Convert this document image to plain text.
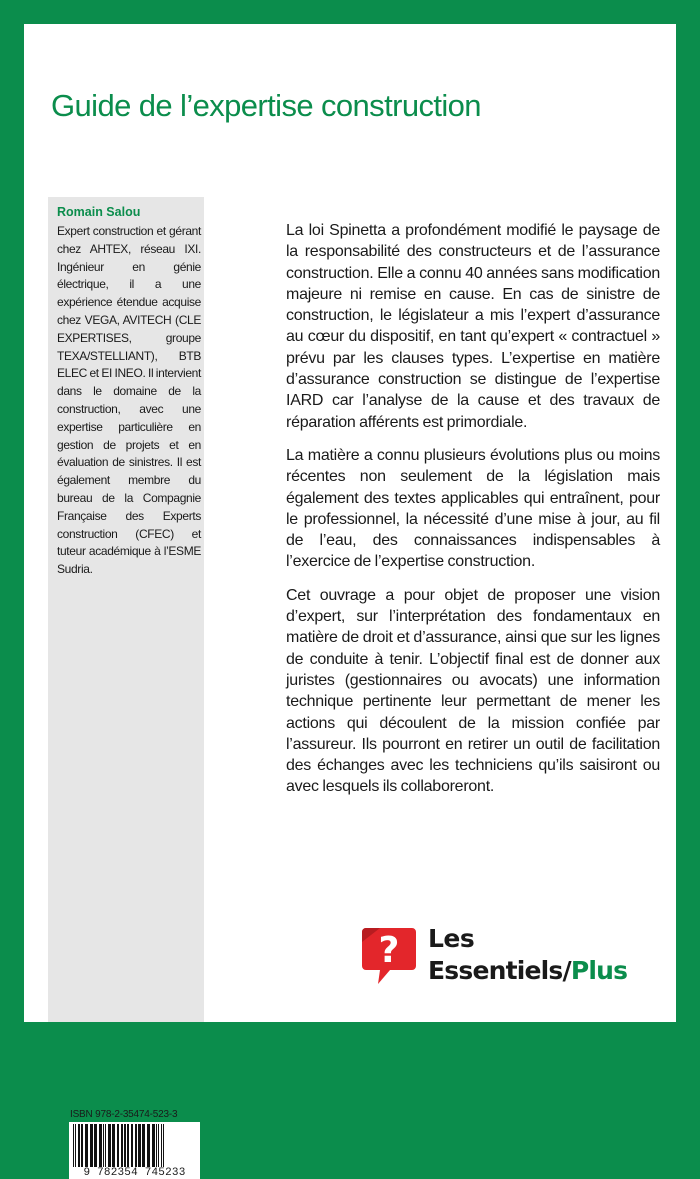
Guide de l’expertise construction

Romain Salou

Expert construction et gérant chez AHTEX, réseau IXI. Ingénieur en génie électrique, il a une expérience étendue acquise chez VEGA, AVITECH (CLE EXPERTISES, groupe TEXA/STELLIANT), BTB ELEC et EI INEO. Il intervient dans le domaine de la construction, avec une expertise particulière en gestion de projets et en évaluation de sinistres. Il est également membre du bureau de la Compagnie Française des Experts construction (CFEC) et tuteur académique à l’ESME Sudria.

ISBN 978-2-35474-523-3

9 782354 745233

La loi Spinetta a profondément modifié le paysage de la responsabilité des constructeurs et de l’assurance construction. Elle a connu 40 années sans modification majeure ni remise en cause. En cas de sinistre de construction, le législateur a mis l’expert d’assurance au cœur du dispositif, en tant qu’expert « contractuel » prévu par les clauses types. L’expertise en matière d’assurance construction se distingue de l’expertise IARD car l’analyse de la cause et des travaux de réparation afférents est primordiale.

La matière a connu plusieurs évolutions plus ou moins récentes non seulement de la législation mais également des textes applicables qui entraînent, pour le professionnel, la nécessité d’une mise à jour, au fil de l’eau, des connaissances indispensables à l’exercice de l’expertise construction.

Cet ouvrage a pour objet de proposer une vision d’expert, sur l’interprétation des fondamentaux en matière de droit et d’assurance, ainsi que sur les lignes de conduite à tenir. L’objectif final est de donner aux juristes (gestionnaires ou avocats) une information technique pertinente leur permettant de mener les actions qui découlent de la mission confiée par l’assureur. Ils pourront en retirer un outil de facilitation des échanges avec les techniciens qu’ils saisiront ou avec lesquels ils collaboreront.

? Les

Essentiels/Plus
